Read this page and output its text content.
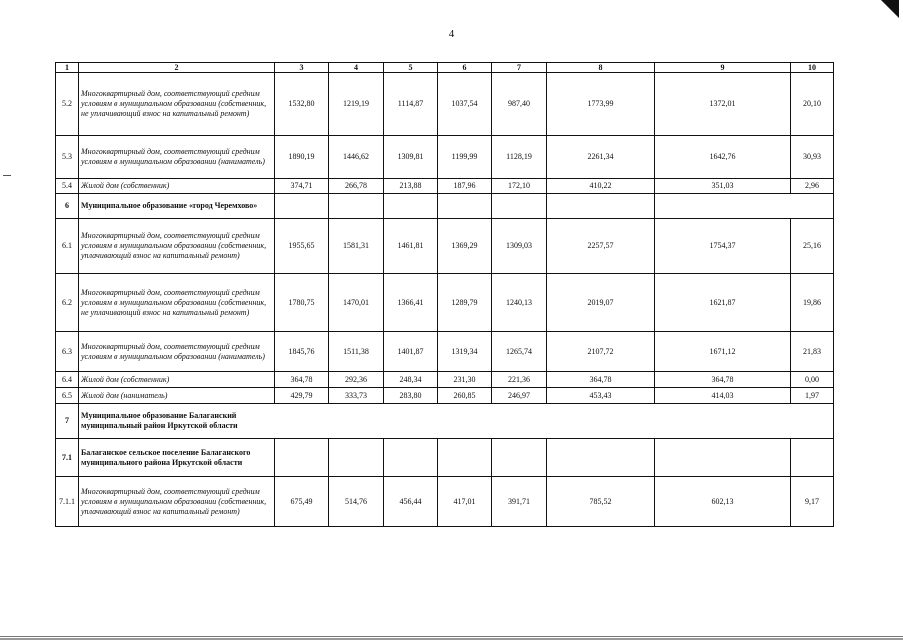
4
1	2	3	4	5	6	7	8	9	10
5.2	Многоквартирный дом, соответствующий средним условиям в муниципальном образовании (собственник, не уплачивающий взнос на капитальный ремонт)	1532,80	1219,19	1114,87	1037,54	987,40	1773,99	1372,01	20,10
5.3	Многоквартирный дом, соответствующий средним условиям в муниципальном образовании (наниматель)	1890,19	1446,62	1309,81	1199,99	1128,19	2261,34	1642,76	30,93
5.4	Жилой дом (собственник)	374,71	266,78	213,88	187,96	172,10	410,22	351,03	2,96
6	Муниципальное образование «город Черемхово»								
6.1	Многоквартирный дом, соответствующий средним условиям в муниципальном образовании (собственник, уплачивающий взнос на капитальный ремонт)	1955,65	1581,31	1461,81	1369,29	1309,03	2257,57	1754,37	25,16
6.2	Многоквартирный дом, соответствующий средним условиям в муниципальном образовании (собственник, не уплачивающий взнос на капитальный ремонт)	1780,75	1470,01	1366,41	1289,79	1240,13	2019,07	1621,87	19,86
6.3	Многоквартирный дом, соответствующий средним условиям в муниципальном образовании (наниматель)	1845,76	1511,38	1401,87	1319,34	1265,74	2107,72	1671,12	21,83
6.4	Жилой дом (собственник)	364,78	292,36	248,34	231,30	221,36	364,78	364,78	0,00
6.5	Жилой дом (наниматель)	429,79	333,73	283,80	260,85	246,97	453,43	414,03	1,97
7	Муниципальное образование Балаганский муниципальный район Иркутской области								
7.1	Балаганское сельское поселение Балаганского муниципального района Иркутской области								
7.1.1	Многоквартирный дом, соответствующий средним условиям в муниципальном образовании (собственник, уплачивающий взнос на капитальный ремонт)	675,49	514,76	456,44	417,01	391,71	785,52	602,13	9,17
